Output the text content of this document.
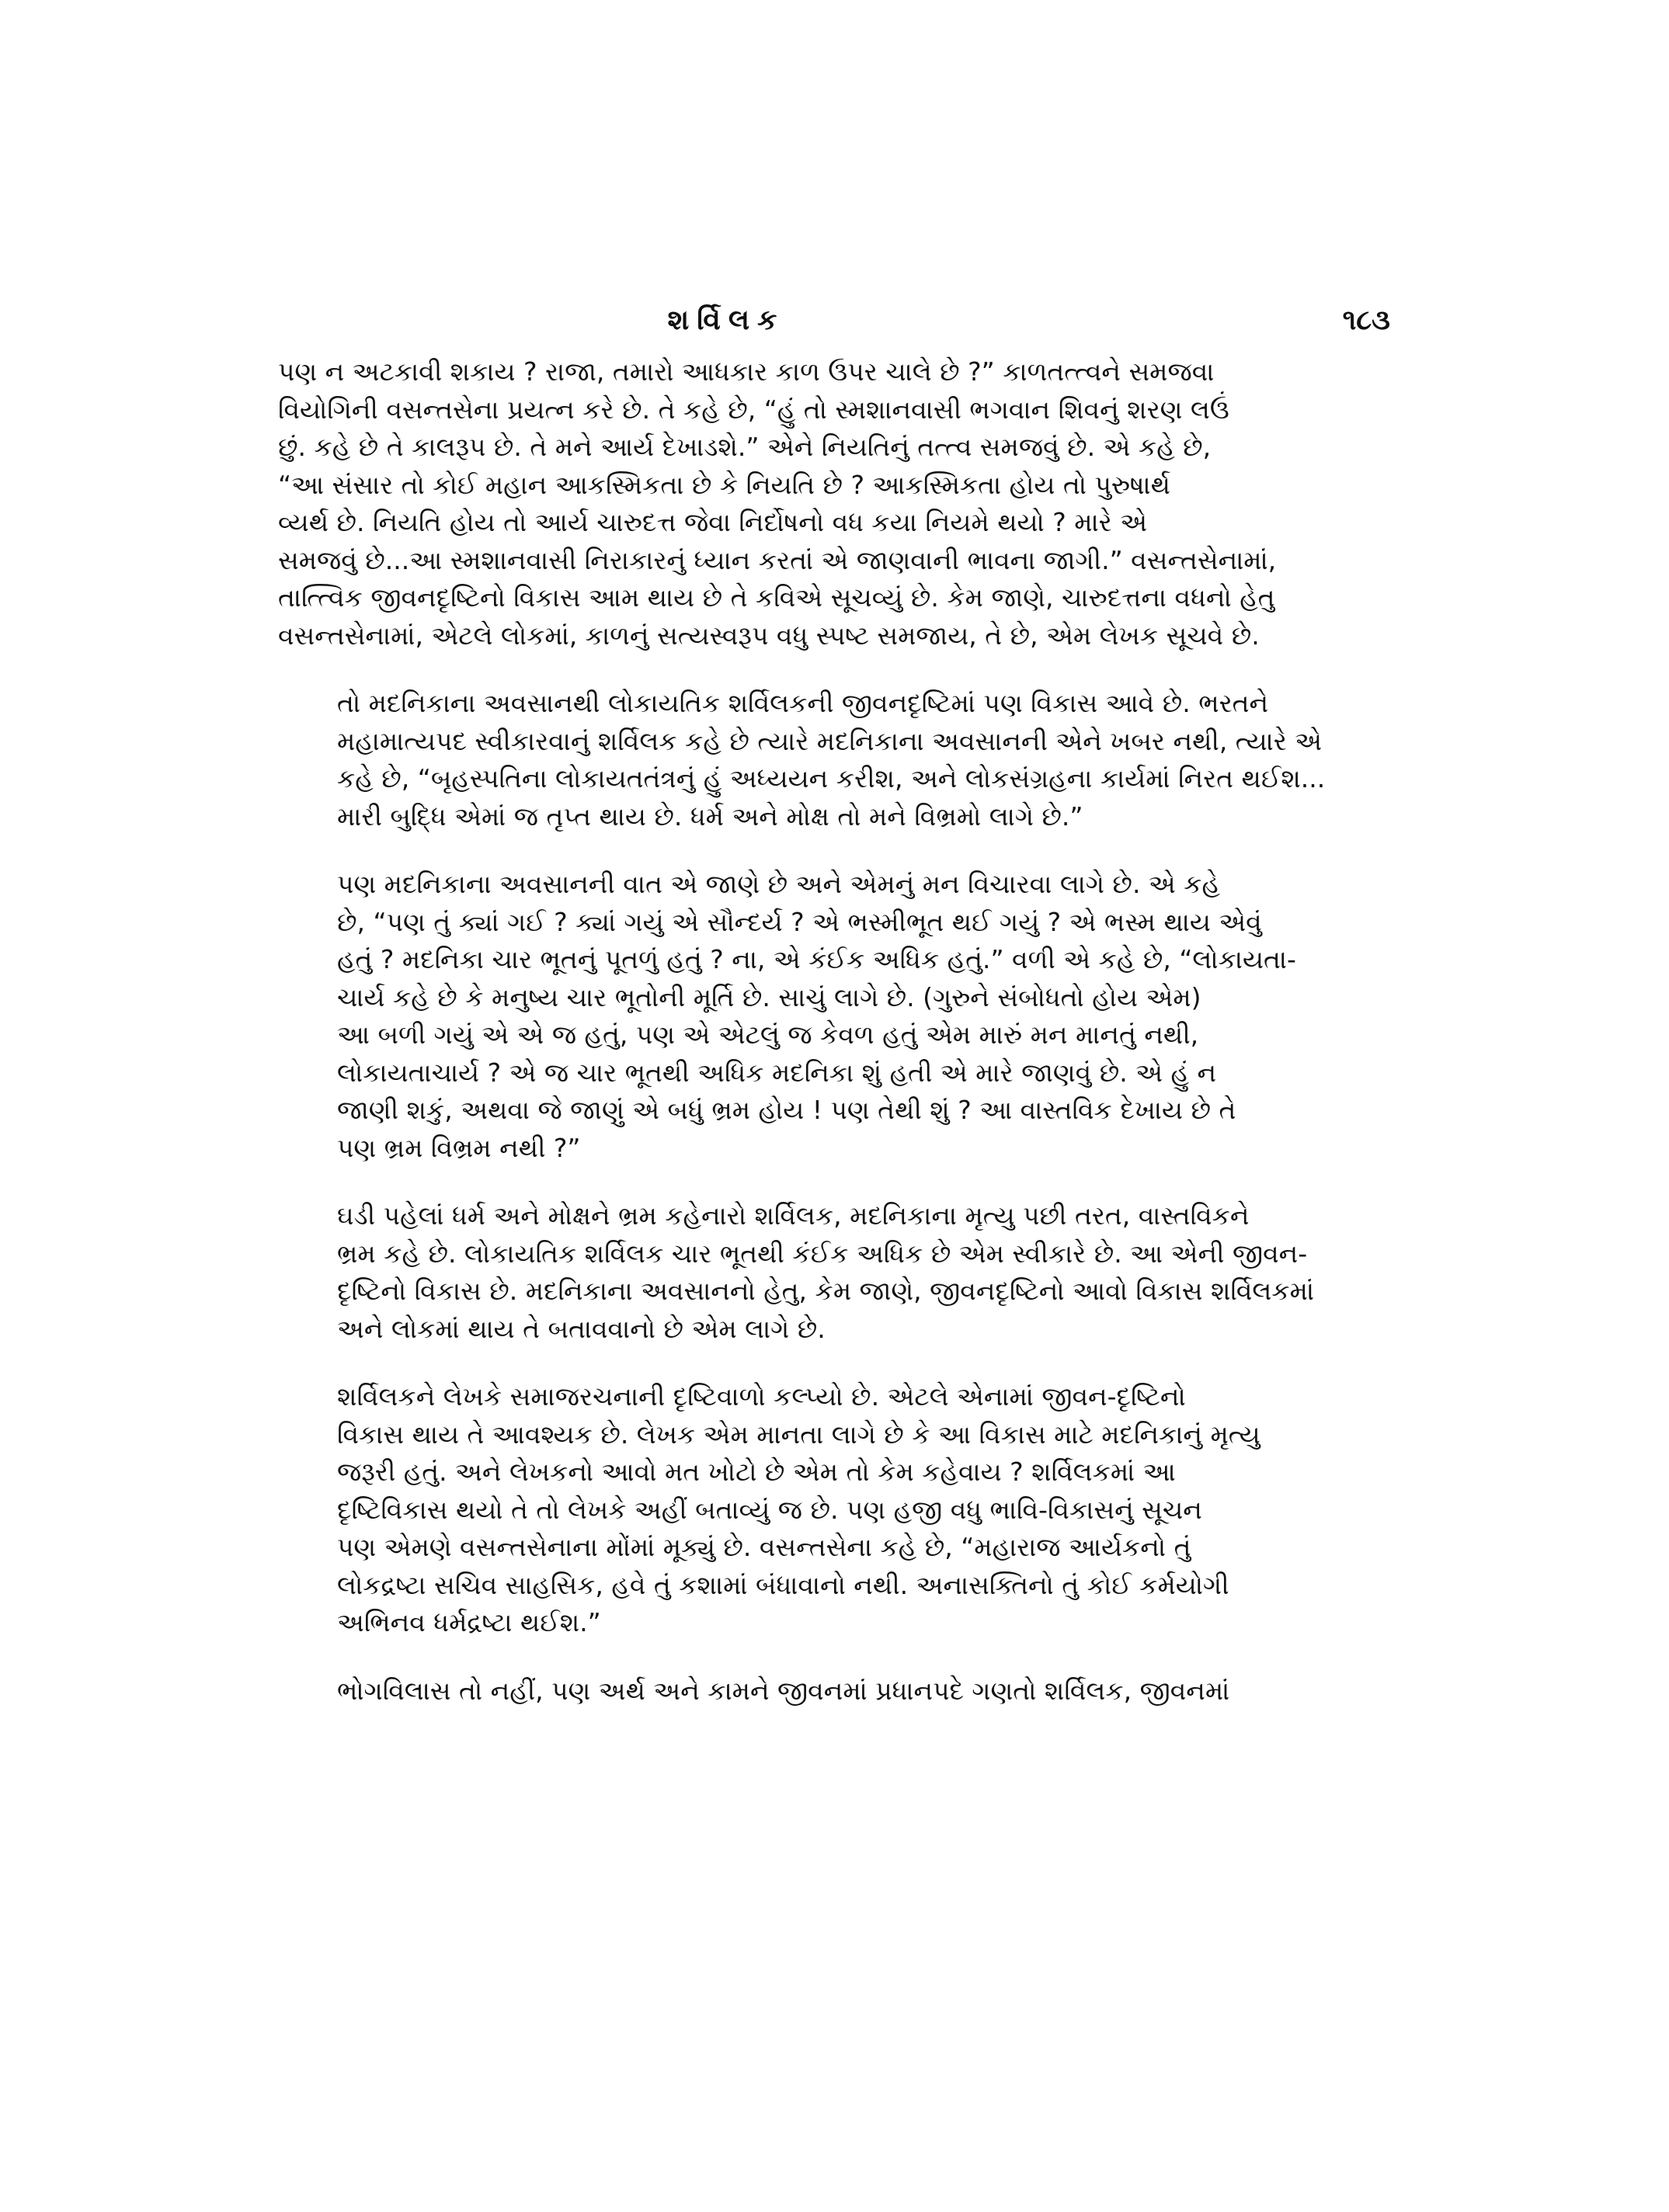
શર્વિલક	૧૮૩

પણ ન અટકાવી શકાય ? રાજા, તમારો આધકાર કાળ ઉપર ચાલે છે ?” કાળતત્ત્વને સમજવા
વિયોગિની વસન્તસેના પ્રયત્ન કરે છે. તે કહે છે, “હું તો સ્મશાનવાસી ભગવાન શિવનું શરણ લઉં
છું. કહે છે તે કાલરૂપ છે. તે મને આર્ય દેખાડશે.” એને નિયતિનું તત્ત્વ સમજવું છે. એ કહે છે,
“આ સંસાર તો કોઈ મહાન આકસ્મિકતા છે કે નિયતિ છે ? આકસ્મિકતા હોય તો પુરુષાર્થ
વ્યર્થ છે. નિયતિ હોય તો આર્ય ચારુદત્ત જેવા નિર્દોષનો વધ કયા નિયમે થયો ? મારે એ
સમજવું છે...આ સ્મશાનવાસી નિરાકારનું ધ્યાન કરતાં એ જાણવાની ભાવના જાગી.” વસન્તસેનામાં,
તાત્ત્વિક જીવનદૃષ્ટિનો વિકાસ આમ થાય છે તે કવિએ સૂચવ્યું છે. કેમ જાણે, ચારુદત્તના વધનો હેતુ
વસન્તસેનામાં, એટલે લોકમાં, કાળનું સત્યસ્વરૂપ વધુ સ્પષ્ટ સમજાય, તે છે, એમ લેખક સૂચવે છે.

તો મદનિકાના અવસાનથી લોકાયતિક શર્વિલકની જીવનદૃષ્ટિમાં પણ વિકાસ આવે છે. ભરતને
મહામાત્યપદ સ્વીકારવાનું શર્વિલક કહે છે ત્યારે મદનિકાના અવસાનની એને ખબર નથી, ત્યારે એ
કહે છે, “બૃહસ્પતિના લોકાયતતંત્રનું હું અધ્યયન કરીશ, અને લોકસંગ્રહના કાર્યમાં નિરત થઈશ...
મારી બુદ્ધિ એમાં જ તૃપ્ત થાય છે. ધર્મ અને મોક્ષ તો મને વિભ્રમો લાગે છે.”

પણ મદનિકાના અવસાનની વાત એ જાણે છે અને એમનું મન વિચારવા લાગે છે. એ કહે
છે, “પણ તું ક્યાં ગઈ ? ક્યાં ગયું એ સૌન્દર્ય ? એ ભસ્મીભૂત થઈ ગયું ? એ ભસ્મ થાય એવું
હતું ? મદનિકા ચાર ભૂતનું પૂતળું હતું ? ના, એ કંઈક અધિક હતું.” વળી એ કહે છે, “લોકાયતા-
ચાર્ય કહે છે કે મનુષ્ય ચાર ભૂતોની મૂર્તિ છે. સાચું લાગે છે. (ગુરુને સંબોધતો હોય એમ)
આ બળી ગયું એ એ જ હતું, પણ એ એટલું જ કેવળ હતું એમ મારું મન માનતું નથી,
લોકાયતાચાર્ય ? એ જ ચાર ભૂતથી અધિક મદનિકા શું હતી એ મારે જાણવું છે. એ હું ન
જાણી શકું, અથવા જે જાણું એ બધું ભ્રમ હોય ! પણ તેથી શું ? આ વાસ્તવિક દેખાય છે તે
પણ ભ્રમ વિભ્રમ નથી ?”

ઘડી પહેલાં ધર્મ અને મોક્ષને ભ્રમ કહેનારો શર્વિલક, મદનિકાના મૃત્યુ પછી તરત, વાસ્તવિકને
ભ્રમ કહે છે. લોકાયતિક શર્વિલક ચાર ભૂતથી કંઈક અધિક છે એમ સ્વીકારે છે. આ એની જીવન-
દૃષ્ટિનો વિકાસ છે. મદનિકાના અવસાનનો હેતુ, કેમ જાણે, જીવનદૃષ્ટિનો આવો વિકાસ શર્વિલકમાં
અને લોકમાં થાય તે બતાવવાનો છે એમ લાગે છે.

શર્વિલકને લેખકે સમાજરચનાની દૃષ્ટિવાળો કલ્પ્યો છે. એટલે એનામાં જીવન-દૃષ્ટિનો
વિકાસ થાય તે આવશ્યક છે. લેખક એમ માનતા લાગે છે કે આ વિકાસ માટે મદનિકાનું મૃત્યુ
જરૂરી હતું. અને લેખકનો આવો મત ખોટો છે એમ તો કેમ કહેવાય ? શર્વિલકમાં આ
દૃષ્ટિવિકાસ થયો તે તો લેખકે અહીં બતાવ્યું જ છે. પણ હજી વધુ ભાવિ-વિકાસનું સૂચન
પણ એમણે વસન્તસેનાના મોંમાં મૂક્યું છે. વસન્તસેના કહે છે, “મહારાજ આર્યકનો તું
લોકદ્રષ્ટા સચિવ સાહસિક, હવે તું કશામાં બંધાવાનો નથી. અનાસક્તિનો તું કોઈ કર્મયોગી
અભિનવ ધર્મદ્રષ્ટા થઈશ.”

ભોગવિલાસ તો નહીં, પણ અર્થ અને કામને જીવનમાં પ્રધાનપદે ગણતો શર્વિલક, જીવનમાં
